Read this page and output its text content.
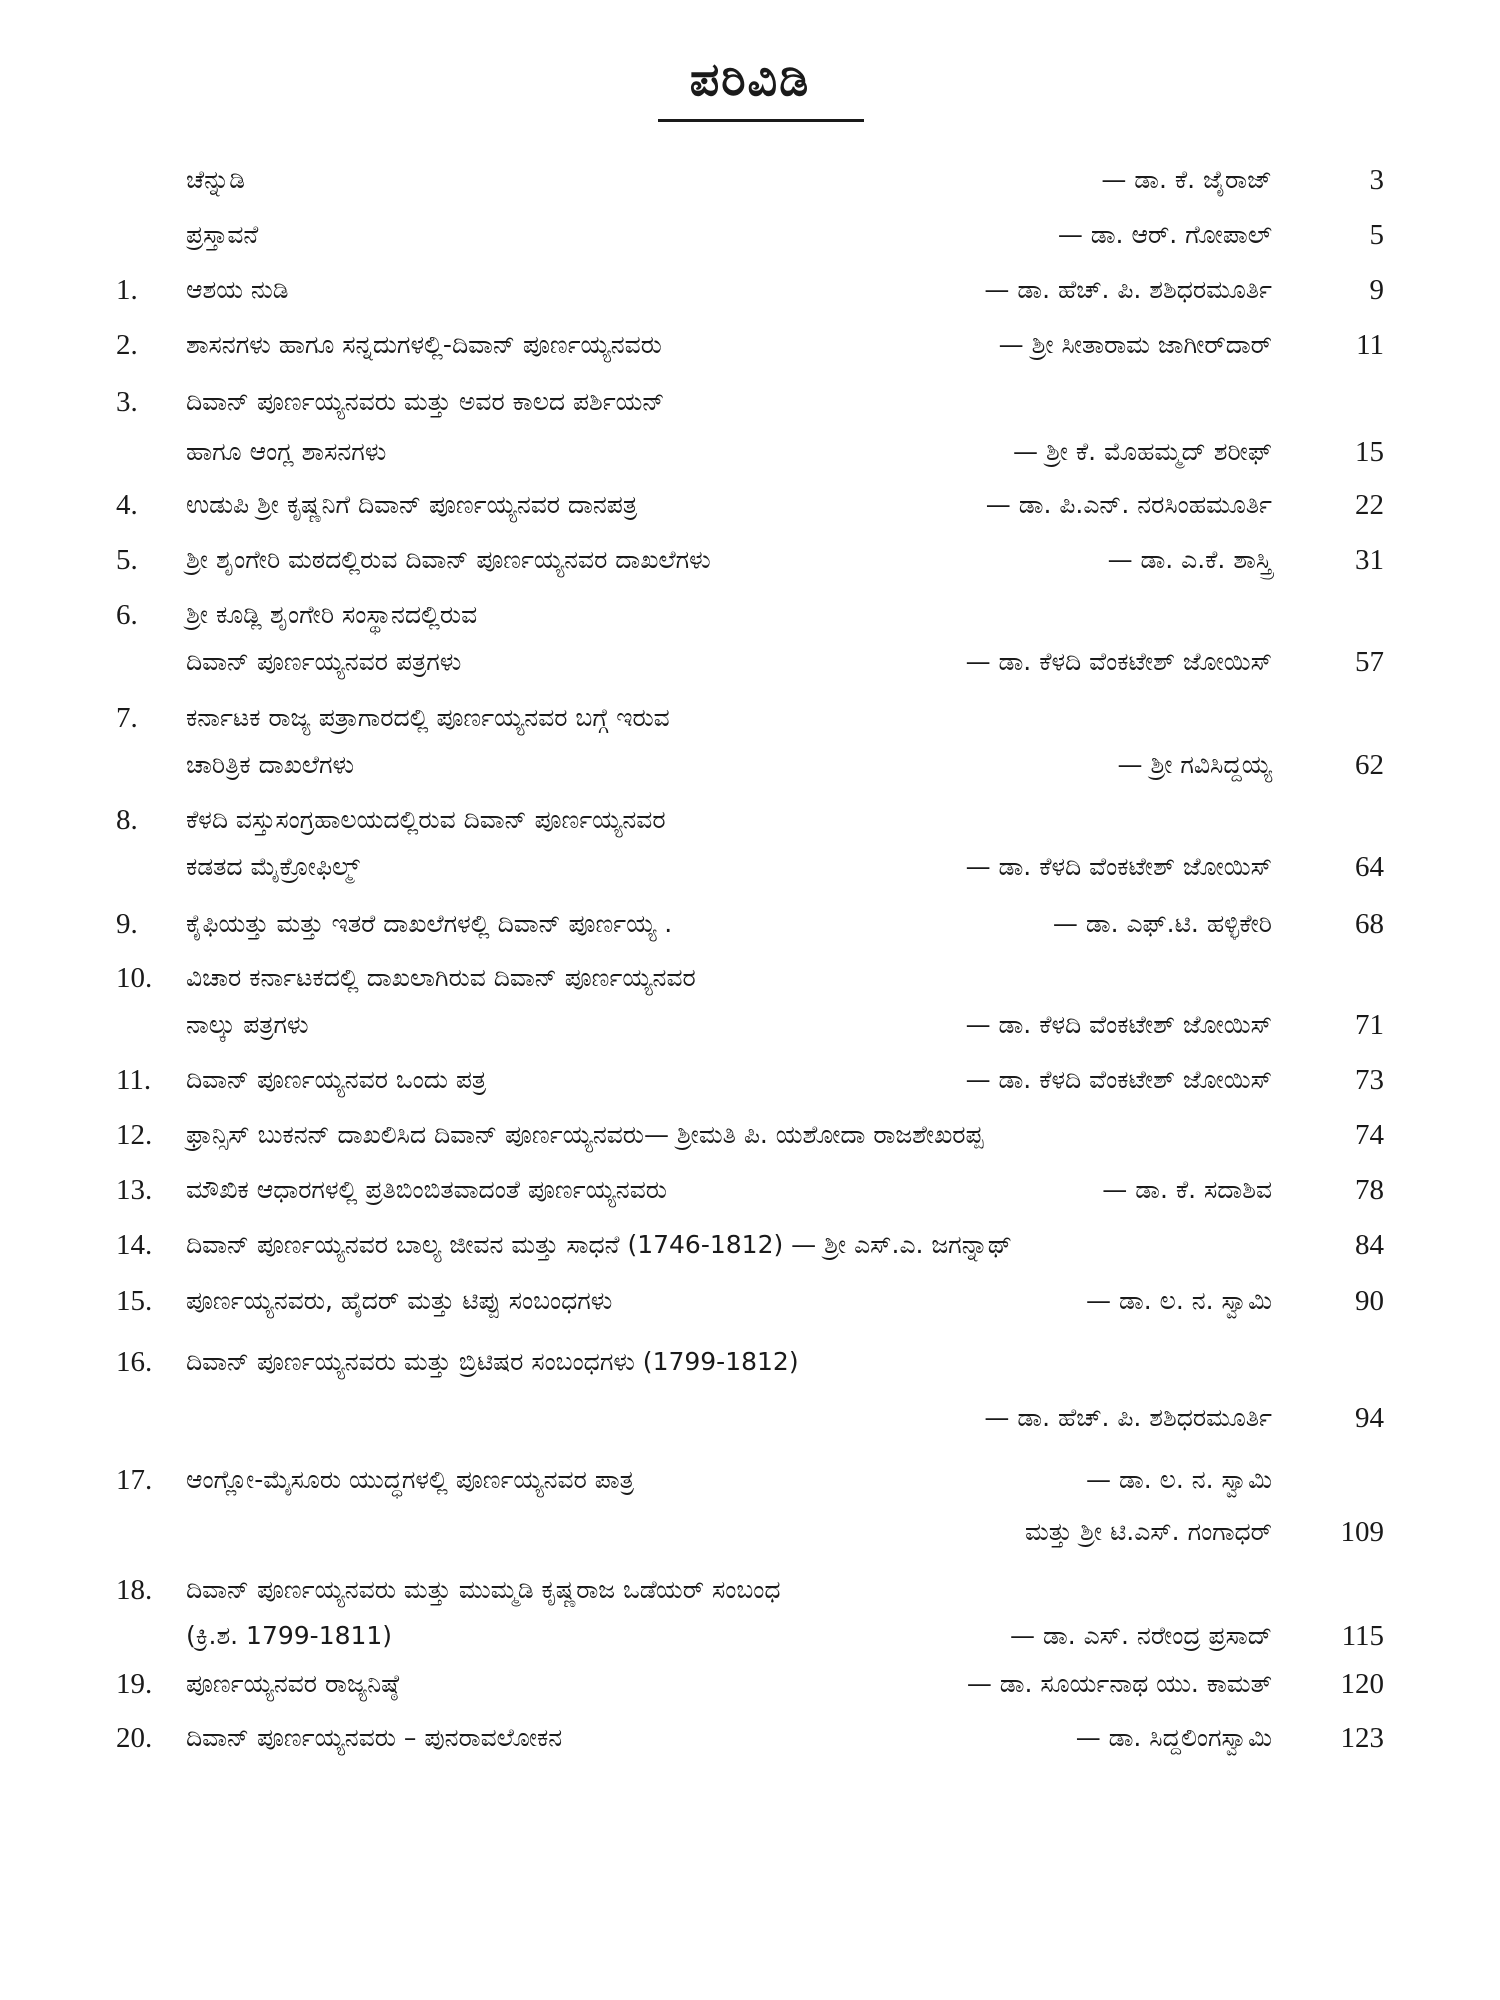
ಪರಿವಿಡಿ
ಚೆನ್ನುಡಿ	— ಡಾ. ಕೆ. ಜೈರಾಜ್	3
ಪ್ರಸ್ತಾವನೆ	— ಡಾ. ಆರ್. ಗೋಪಾಲ್	5
1. ಆಶಯ ನುಡಿ	— ಡಾ. ಹೆಚ್. ಪಿ. ಶಶಿಧರಮೂರ್ತಿ	9
2. ಶಾಸನಗಳು ಹಾಗೂ ಸನ್ನದುಗಳಲ್ಲಿ-ದಿವಾನ್ ಪೂರ್ಣಯ್ಯನವರು	— ಶ್ರೀ ಸೀತಾರಾಮ ಜಾಗೀರ್‌ದಾರ್	11
3. ದಿವಾನ್ ಪೂರ್ಣಯ್ಯನವರು ಮತ್ತು ಅವರ ಕಾಲದ ಪರ್ಶಿಯನ್
ಹಾಗೂ ಆಂಗ್ಲ ಶಾಸನಗಳು	— ಶ್ರೀ ಕೆ. ಮೊಹಮ್ಮದ್ ಶರೀಫ್	15
4. ಉಡುಪಿ ಶ್ರೀ ಕೃಷ್ಣನಿಗೆ ದಿವಾನ್ ಪೂರ್ಣಯ್ಯನವರ ದಾನಪತ್ರ	— ಡಾ. ಪಿ.ಎನ್. ನರಸಿಂಹಮೂರ್ತಿ	22
5. ಶ್ರೀ ಶೃಂಗೇರಿ ಮಠದಲ್ಲಿರುವ ದಿವಾನ್ ಪೂರ್ಣಯ್ಯನವರ ದಾಖಲೆಗಳು	— ಡಾ. ಎ.ಕೆ. ಶಾಸ್ತ್ರಿ	31
6. ಶ್ರೀ ಕೂಡ್ಲಿ ಶೃಂಗೇರಿ ಸಂಸ್ಥಾನದಲ್ಲಿರುವ
ದಿವಾನ್ ಪೂರ್ಣಯ್ಯನವರ ಪತ್ರಗಳು	— ಡಾ. ಕೆಳದಿ ವೆಂಕಟೇಶ್ ಜೋಯಿಸ್	57
7. ಕರ್ನಾಟಕ ರಾಜ್ಯ ಪತ್ರಾಗಾರದಲ್ಲಿ ಪೂರ್ಣಯ್ಯನವರ ಬಗ್ಗೆ ಇರುವ
ಚಾರಿತ್ರಿಕ ದಾಖಲೆಗಳು	— ಶ್ರೀ ಗವಿಸಿದ್ದಯ್ಯ	62
8. ಕೆಳದಿ ವಸ್ತುಸಂಗ್ರಹಾಲಯದಲ್ಲಿರುವ ದಿವಾನ್ ಪೂರ್ಣಯ್ಯನವರ
ಕಡತದ ಮೈಕ್ರೋಫಿಲ್ಮ್	— ಡಾ. ಕೆಳದಿ ವೆಂಕಟೇಶ್ ಜೋಯಿಸ್	64
9. ಕೈಫಿಯತ್ತು ಮತ್ತು ಇತರೆ ದಾಖಲೆಗಳಲ್ಲಿ ದಿವಾನ್ ಪೂರ್ಣಯ್ಯ .	— ಡಾ. ಎಫ್.ಟಿ. ಹಳ್ಳಿಕೇರಿ	68
10. ವಿಚಾರ ಕರ್ನಾಟಕದಲ್ಲಿ ದಾಖಲಾಗಿರುವ ದಿವಾನ್ ಪೂರ್ಣಯ್ಯನವರ
ನಾಲ್ಕು ಪತ್ರಗಳು	— ಡಾ. ಕೆಳದಿ ವೆಂಕಟೇಶ್ ಜೋಯಿಸ್	71
11. ದಿವಾನ್ ಪೂರ್ಣಯ್ಯನವರ ಒಂದು ಪತ್ರ	— ಡಾ. ಕೆಳದಿ ವೆಂಕಟೇಶ್ ಜೋಯಿಸ್	73
12. ಫ್ರಾನ್ಸಿಸ್ ಬುಕನನ್ ದಾಖಲಿಸಿದ ದಿವಾನ್ ಪೂರ್ಣಯ್ಯನವರು— ಶ್ರೀಮತಿ ಪಿ. ಯಶೋದಾ ರಾಜಶೇಖರಪ್ಪ	74
13. ಮೌಖಿಕ ಆಧಾರಗಳಲ್ಲಿ ಪ್ರತಿಬಿಂಬಿತವಾದಂತೆ ಪೂರ್ಣಯ್ಯನವರು	— ಡಾ. ಕೆ. ಸದಾಶಿವ	78
14. ದಿವಾನ್ ಪೂರ್ಣಯ್ಯನವರ ಬಾಲ್ಯ ಜೀವನ ಮತ್ತು ಸಾಧನೆ (1746-1812) — ಶ್ರೀ ಎಸ್.ಎ. ಜಗನ್ನಾಥ್	84
15. ಪೂರ್ಣಯ್ಯನವರು, ಹೈದರ್ ಮತ್ತು ಟಿಪ್ಪು ಸಂಬಂಧಗಳು	— ಡಾ. ಲ. ನ. ಸ್ವಾಮಿ	90
16. ದಿವಾನ್ ಪೂರ್ಣಯ್ಯನವರು ಮತ್ತು ಬ್ರಿಟಿಷರ ಸಂಬಂಧಗಳು (1799-1812)
— ಡಾ. ಹೆಚ್. ಪಿ. ಶಶಿಧರಮೂರ್ತಿ	94
17. ಆಂಗ್ಲೋ-ಮೈಸೂರು ಯುದ್ಧಗಳಲ್ಲಿ ಪೂರ್ಣಯ್ಯನವರ ಪಾತ್ರ	— ಡಾ. ಲ. ನ. ಸ್ವಾಮಿ
ಮತ್ತು ಶ್ರೀ ಟಿ.ಎಸ್. ಗಂಗಾಧರ್ 109
18. ದಿವಾನ್ ಪೂರ್ಣಯ್ಯನವರು ಮತ್ತು ಮುಮ್ಮಡಿ ಕೃಷ್ಣರಾಜ ಒಡೆಯರ್ ಸಂಬಂಧ
(ಕ್ರಿ.ಶ. 1799-1811)	— ಡಾ. ಎಸ್. ನರೇಂದ್ರ ಪ್ರಸಾದ್ 115
19. ಪೂರ್ಣಯ್ಯನವರ ರಾಜ್ಯನಿಷ್ಠೆ	— ಡಾ. ಸೂರ್ಯನಾಥ ಯು. ಕಾಮತ್ 120
20. ದಿವಾನ್ ಪೂರ್ಣಯ್ಯನವರು – ಪುನರಾವಲೋಕನ	— ಡಾ. ಸಿದ್ದಲಿಂಗಸ್ವಾಮಿ 123
